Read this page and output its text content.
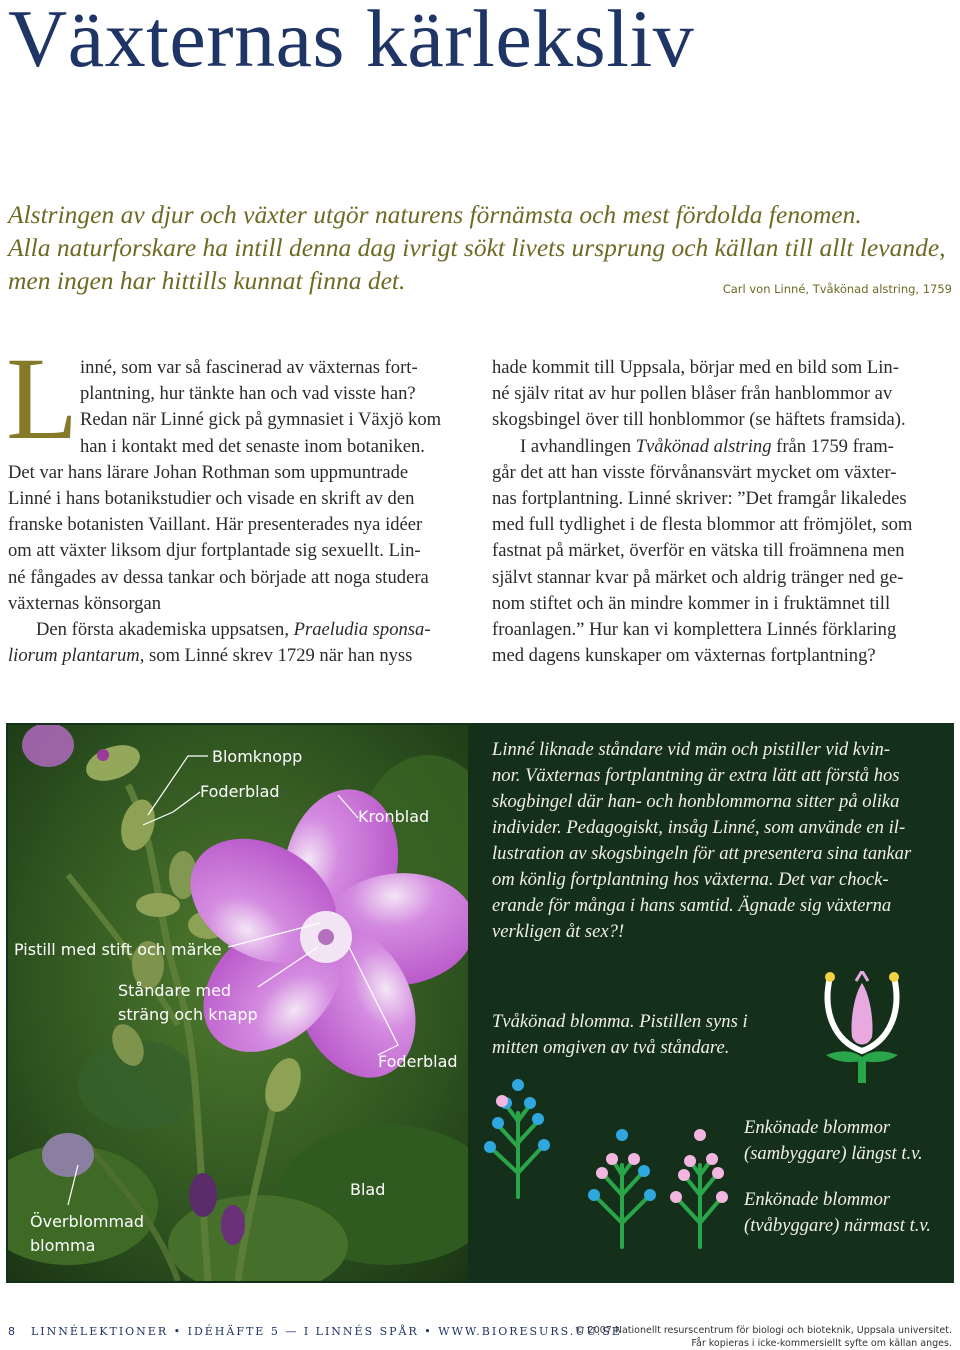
Växternas kärleksliv
Alstringen av djur och växter utgör naturens förnämsta och mest fördolda fenomen.
Alla naturforskare ha intill denna dag ivrigt sökt livets ursprung och källan till allt levande,
men ingen har hittills kunnat finna det.	Carl von Linné, Tvåkönad alstring, 1759
L inné, som var så fascinerad av växternas fort-
plantning, hur tänkte han och vad visste han?
Redan när Linné gick på gymnasiet i Växjö kom
han i kontakt med det senaste inom botaniken.
Det var hans lärare Johan Rothman som uppmuntrade
Linné i hans botanikstudier och visade en skrift av den
franske botanisten Vaillant. Här presenterades nya idéer
om att växter liksom djur fortplantade sig sexuellt. Lin-
né fångades av dessa tankar och började att noga studera
växternas könsorgan
Den första akademiska uppsatsen, Praeludia sponsa-
liorum plantarum, som Linné skrev 1729 när han nyss
hade kommit till Uppsala, börjar med en bild som Lin-
né själv ritat av hur pollen blåser från hanblommor av
skogsbingel över till honblommor (se häftets framsida).
I avhandlingen Tvåkönad alstring från 1759 fram-
går det att han visste förvånansvärt mycket om växter-
nas fortplantning. Linné skriver: ”Det framgår likaledes
med full tydlighet i de flesta blommor att frömjölet, som
fastnat på märket, överför en vätska till froämnena men
självt stannar kvar på märket och aldrig tränger ned ge-
nom stiftet och än mindre kommer in i fruktämnet till
froanlagen.” Hur kan vi komplettera Linnés förklaring
med dagens kunskaper om växternas fortplantning?
Blomknopp
Foderblad
Kronblad
Pistill med stift och märke
Ståndare med
sträng och knapp
Foderblad
Blad
Överblommad
blomma
Linné liknade ståndare vid män och pistiller vid kvin-
nor. Växternas fortplantning är extra lätt att förstå hos
skogbingel där han- och honblommorna sitter på olika
individer. Pedagogiskt, insåg Linné, som använde en il-
lustration av skogsbingeln för att presentera sina tankar
om könlig fortplantning hos växterna. Det var chock-
erande för många i hans samtid. Ägnade sig växterna
verkligen åt sex?!
Tvåkönad blomma. Pistillen syns i
mitten omgiven av två ståndare.
Enkönade blommor
(sambyggare) längst t.v.
Enkönade blommor
(tvåbyggare) närmast t.v.
8 LINNÉLEKTIONER • IDÉHÄFTE 5 — I LINNÉS SPÅR • WWW.BIORESURS.UU.SE
© 2007 Nationellt resurscentrum för biologi och bioteknik, Uppsala universitet.
Får kopieras i icke-kommersiellt syfte om källan anges.
